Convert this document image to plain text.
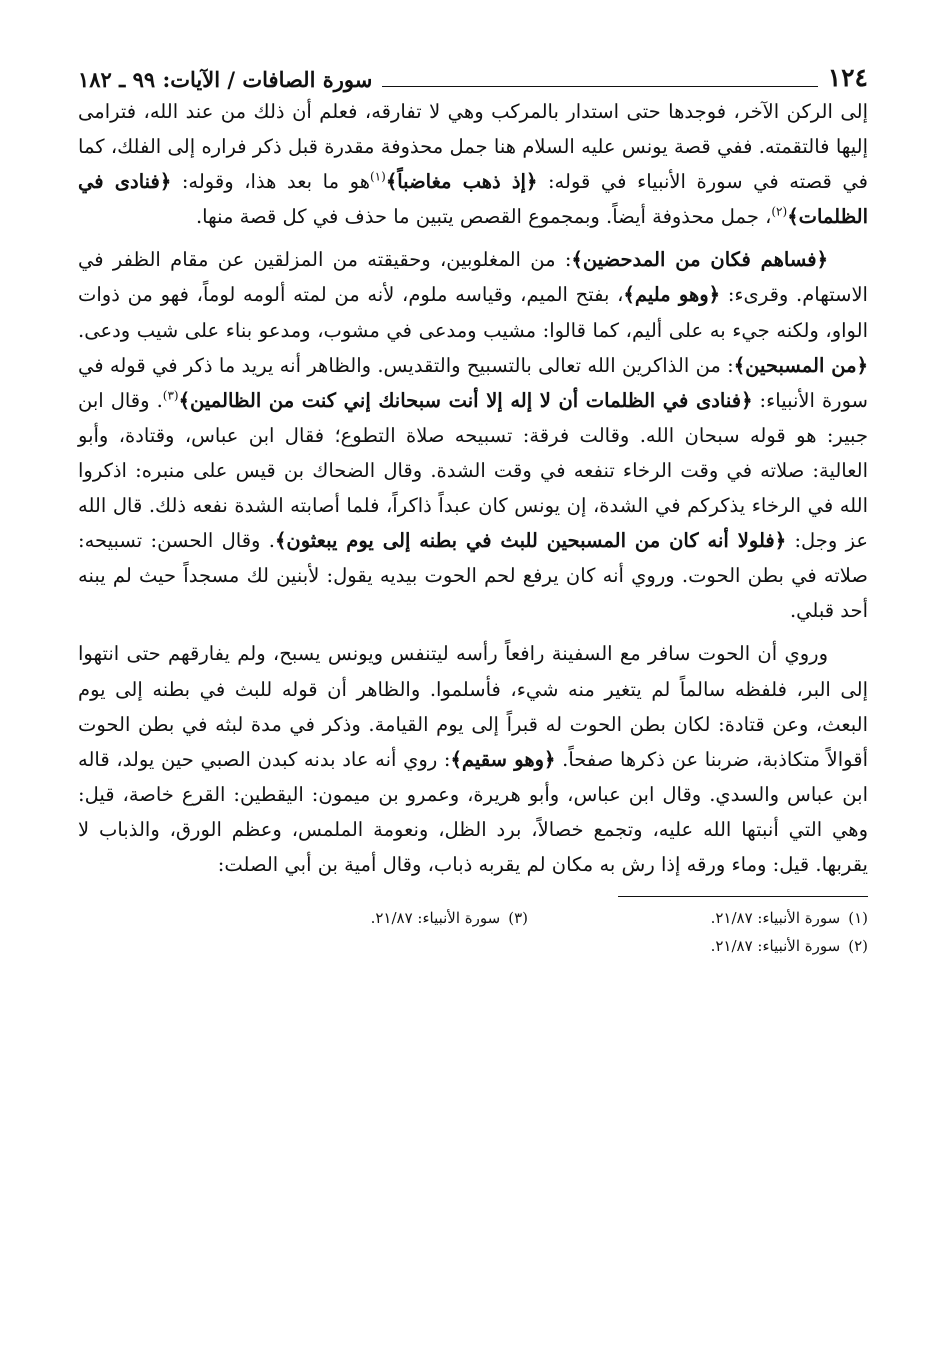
١٢٤
سورة الصافات / الآيات: ٩٩ ـ ١٨٢

إلى الركن الآخر، فوجدها حتى استدار بالمركب وهي لا تفارقه، فعلم أن ذلك من عند الله، فترامى إليها فالتقمته. ففي قصة يونس عليه السلام هنا جمل محذوفة مقدرة قبل ذكر فراره إلى الفلك، كما في قصته في سورة الأنبياء في قوله: ﴿إذ ذهب مغاضباً﴾$^{(١)}$هو ما بعد هذا، وقوله: ﴿فنادى في الظلمات﴾$^{(٢)}$، جمل محذوفة أيضاً. وبمجموع القصص يتبين ما حذف في كل قصة منها.

﴿فساهم فكان من المدحضين﴾: من المغلوبين، وحقيقته من المزلقين عن مقام الظفر في الاستهام. وقرىء: ﴿وهو مليم﴾، بفتح الميم، وقياسه ملوم، لأنه من لمته ألومه لوماً، فهو من ذوات الواو، ولكنه جيء به على أليم، كما قالوا: مشيب ومدعى في مشوب، ومدعو بناء على شيب ودعى. ﴿من المسبحين﴾: من الذاكرين الله تعالى بالتسبيح والتقديس. والظاهر أنه يريد ما ذكر في قوله في سورة الأنبياء: ﴿فنادى في الظلمات أن لا إله إلا أنت سبحانك إني كنت من الظالمين﴾$^{(٣)}$. وقال ابن جبير: هو قوله سبحان الله. وقالت فرقة: تسبيحه صلاة التطوع؛ فقال ابن عباس، وقتادة، وأبو العالية: صلاته في وقت الرخاء تنفعه في وقت الشدة. وقال الضحاك بن قيس على منبره: اذكروا الله في الرخاء يذكركم في الشدة، إن يونس كان عبداً ذاكراً، فلما أصابته الشدة نفعه ذلك. قال الله عز وجل: ﴿فلولا أنه كان من المسبحين للبث في بطنه إلى يوم يبعثون﴾. وقال الحسن: تسبيحه: صلاته في بطن الحوت. وروي أنه كان يرفع لحم الحوت بيديه يقول: لأبنين لك مسجداً حيث لم يبنه أحد قبلي.

وروي أن الحوت سافر مع السفينة رافعاً رأسه ليتنفس ويونس يسبح، ولم يفارقهم حتى انتهوا إلى البر، فلفظه سالماً لم يتغير منه شيء، فأسلموا. والظاهر أن قوله للبث في بطنه إلى يوم البعث، وعن قتادة: لكان بطن الحوت له قبراً إلى يوم القيامة. وذكر في مدة لبثه في بطن الحوت أقوالاً متكاذبة، ضربنا عن ذكرها صفحاً. ﴿وهو سقيم﴾: روي أنه عاد بدنه كبدن الصبي حين يولد، قاله ابن عباس والسدي. وقال ابن عباس، وأبو هريرة، وعمرو بن ميمون: اليقطين: القرع خاصة، قيل: وهي التي أنبتها الله عليه، وتجمع خصالاً، برد الظل، ونعومة الملمس، وعظم الورق، والذباب لا يقربها. قيل: وماء ورقه إذا رش به مكان لم يقربه ذباب، وقال أمية بن أبي الصلت:

(١)سورة الأنبياء: ٢١/٨٧.
(٣)سورة الأنبياء: ٢١/٨٧.
(٢)سورة الأنبياء: ٢١/٨٧.
